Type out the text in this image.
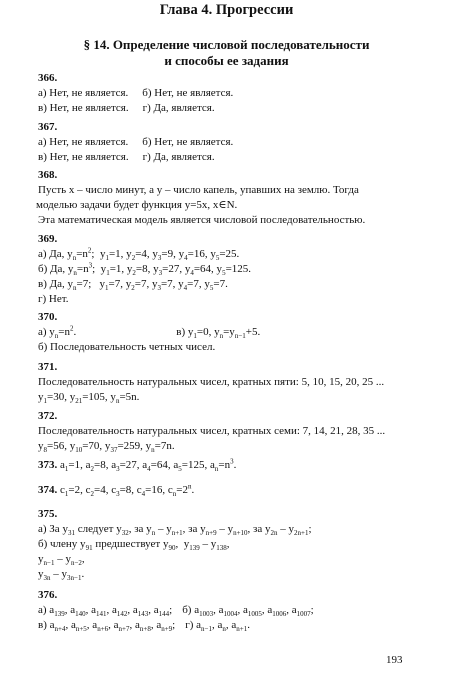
Глава 4. Прогрессии
§ 14. Определение числовой последовательности
и способы ее задания
366.
а) Нет, не является. б) Нет, не является.
в) Нет, не является. г) Да, является.
367.
а) Нет, не является. б) Нет, не является.
в) Нет, не является. г) Да, является.
368.
Пусть x – число минут, а y – число капель, упавших на землю. Тогда
моделью задачи будет функция y=5x, x∈N.
Эта математическая модель является числовой последовательностью.
369.
а) Да, $y_n=n^2$;  $y_1=1$, $y_2=4$, $y_3=9$, $y_4=16$, $y_5=25$.
б) Да, $y_n=n^3$;  $y_1=1$, $y_2=8$, $y_3=27$, $y_4=64$, $y_5=125$.
в) Да, $y_n=7$;   $y_1=7$, $y_2=7$, $y_3=7$, $y_4=7$, $y_5=7$.
г) Нет.
370.
а) $y_n=n^2$.	в) $y_1=0$, $y_n=y_{n-1}+5$.
б) Последовательность четных чисел.
371.
Последовательность натуральных чисел, кратных пяти: 5, 10, 15, 20, 25 ...
$y_1=30$, $y_{21}=105$, $y_n=5n$.
372.
Последовательность натуральных чисел, кратных семи: 7, 14, 21, 28, 35 ...
$y_8=56$, $y_{10}=70$, $y_{37}=259$, $y_n=7n$.
373. $a_1=1$, $a_2=8$, $a_3=27$, $a_4=64$, $a_5=125$, $a_n=n^3$.
374. $c_1=2$, $c_2=4$, $c_3=8$, $c_4=16$, $c_n=2^n$.
375.
а) За $y_{31}$ следует $y_{32}$, за $y_n - y_{n+1}$, за $y_{n+9} - y_{n+10}$, за $y_{2n} - y_{2n+1}$;
б) члену $y_{91}$ предшествует $y_{90}$,  $y_{139} - y_{138}$,
$y_{n-1} - y_{n-2}$,
$y_{3n} - y_{3n-1}$.
376.
а) $a_{139}$, $a_{140}$, $a_{141}$, $a_{142}$, $a_{143}$, $a_{144}$; б) $a_{1003}$, $a_{1004}$, $a_{1005}$, $a_{1006}$, $a_{1007}$;
в) $a_{n+4}$, $a_{n+5}$, $a_{n+6}$, $a_{n+7}$, $a_{n+8}$, $a_{n+9}$; г) $a_{n-1}$, $a_n$, $a_{n+1}$.
193
